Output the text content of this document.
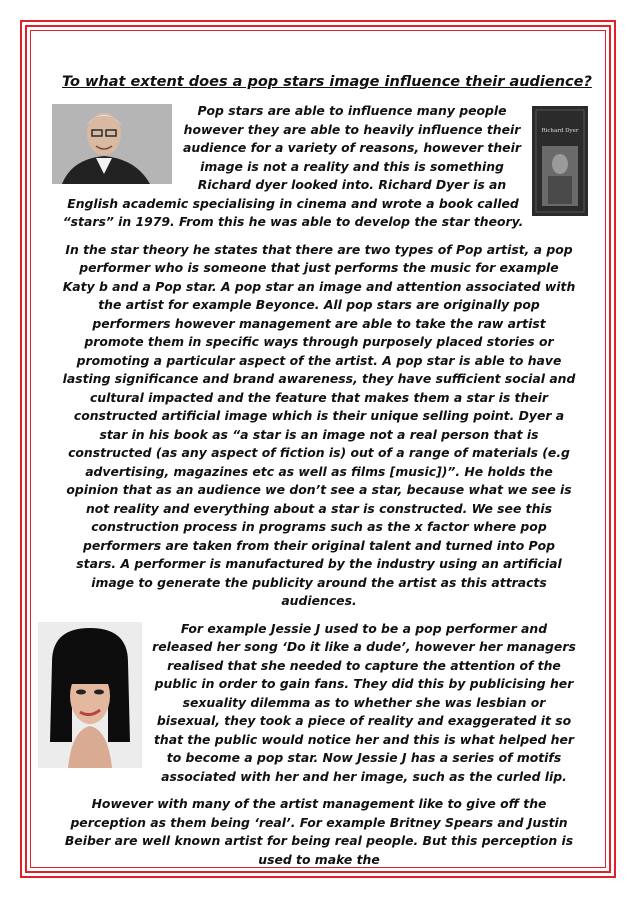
To what extent does a pop stars image influence their audience?
Richard Dyer

Pop stars are able to influence many people however they are able to heavily influence their audience for a variety of reasons, however their image is not a reality and this is something Richard dyer looked into. Richard Dyer is an English academic specialising in cinema and wrote a book called “stars” in 1979. From this he was able to develop the star theory.

In the star theory he states that there are two types of Pop artist, a pop performer who is someone that just performs the music for example Katy b and a Pop star. A pop star an image and attention associated with the artist for example Beyonce. All pop stars are originally pop performers however management are able to take the raw artist promote them in specific ways through purposely placed stories or promoting a particular aspect of the artist. A pop star is able to have lasting significance and brand awareness, they have sufficient social and cultural impacted and the feature that makes them a star is their constructed artificial image which is their unique selling point. Dyer a star in his book as “a star is an image not a real person that is constructed (as any aspect of fiction is) out of a range of materials (e.g advertising, magazines etc as well as films [music])”. He holds the opinion that as an audience we don’t see a star, because what we see is not reality and everything about a star is constructed. We see this construction process in programs such as the x factor where pop performers are taken from their original talent and turned into Pop stars. A performer is manufactured by the industry using an artificial image to generate the publicity around the artist as this attracts audiences.

For example Jessie J used to be a pop performer and released her song ‘Do it like a dude’, however her managers realised that she needed to capture the attention of the public in order to gain fans. They did this by publicising her sexuality dilemma as to whether she was lesbian or bisexual, they took a piece of reality and exaggerated it so that the public would notice her and this is what helped her to become a pop star. Now Jessie J has a series of motifs associated with her and her image, such as the curled lip.

However with many of the artist management like to give off the perception as them being ‘real’. For example Britney Spears and Justin Beiber are well known artist for being real people. But this perception is used to make the
